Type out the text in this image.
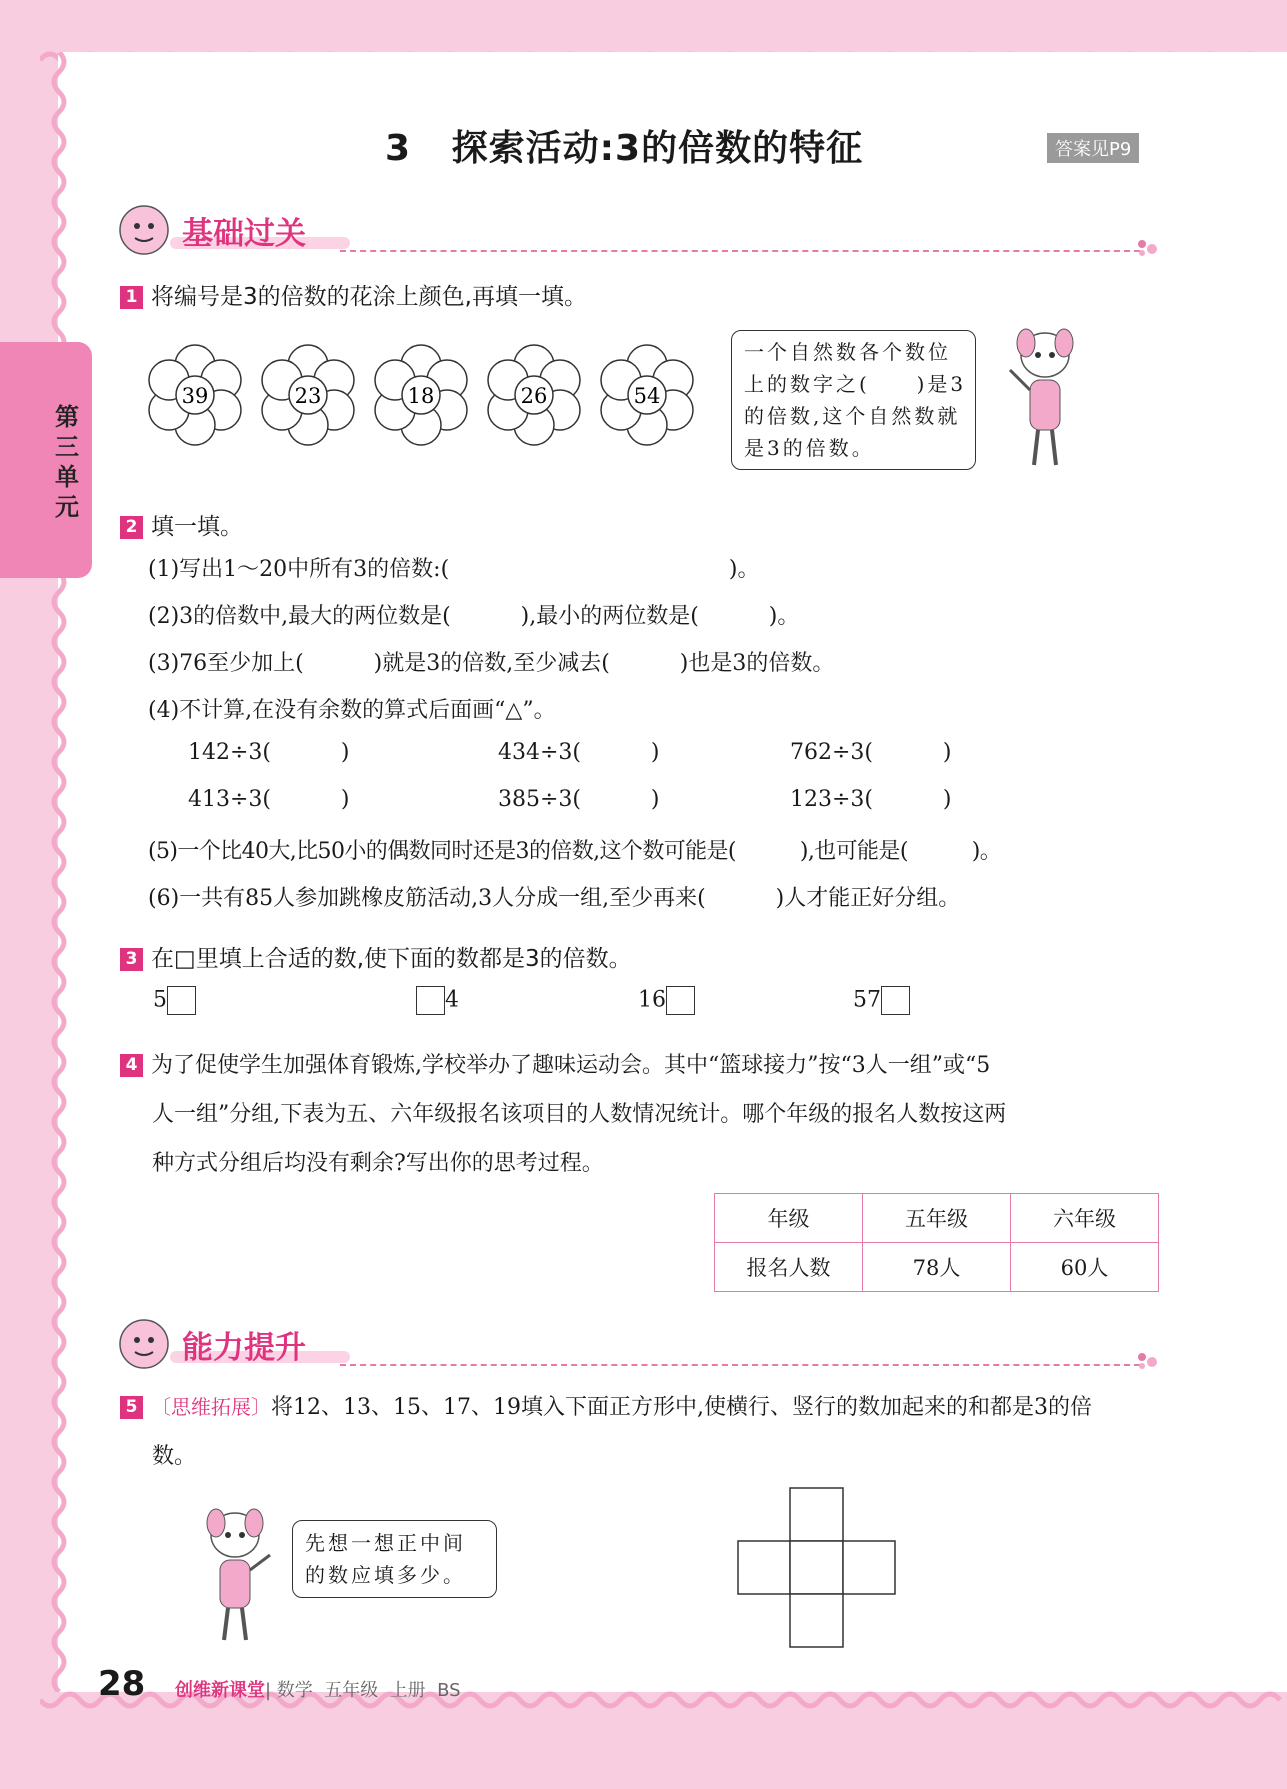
第三单元
3   探索活动:3的倍数的特征	答案见P9
基础过关
1 将编号是3的倍数的花涂上颜色,再填一填。
39	23	18	26	54
一个自然数各个数位
上的数字之(     )是3
的倍数,这个自然数就
是3的倍数。
2 填一填。
(1)写出1～20中所有3的倍数:(                                        )。
(2)3的倍数中,最大的两位数是(          ),最小的两位数是(          )。
(3)76至少加上(          )就是3的倍数,至少减去(          )也是3的倍数。
(4)不计算,在没有余数的算式后面画“△”。
142÷3(          )	434÷3(          )	762÷3(          )
413÷3(          )	385÷3(          )	123÷3(          )
(5)一个比40大,比50小的偶数同时还是3的倍数,这个数可能是(          ),也可能是(          )。
(6)一共有85人参加跳橡皮筋活动,3人分成一组,至少再来(          )人才能正好分组。
3 在□里填上合适的数,使下面的数都是3的倍数。
5	4	16	57
4 为了促使学生加强体育锻炼,学校举办了趣味运动会。其中“篮球接力”按“3人一组”或“5
人一组”分组,下表为五、六年级报名该项目的人数情况统计。哪个年级的报名人数按这两
种方式分组后均没有剩余?写出你的思考过程。
年级	五年级	六年级
报名人数	78人	60人
能力提升
5 〔思维拓展〕将12、13、15、17、19填入下面正方形中,使横行、竖行的数加起来的和都是3的倍
数。
先想一想正中间
的数应填多少。
28 创维新课堂| 数学  五年级  上册  BS
